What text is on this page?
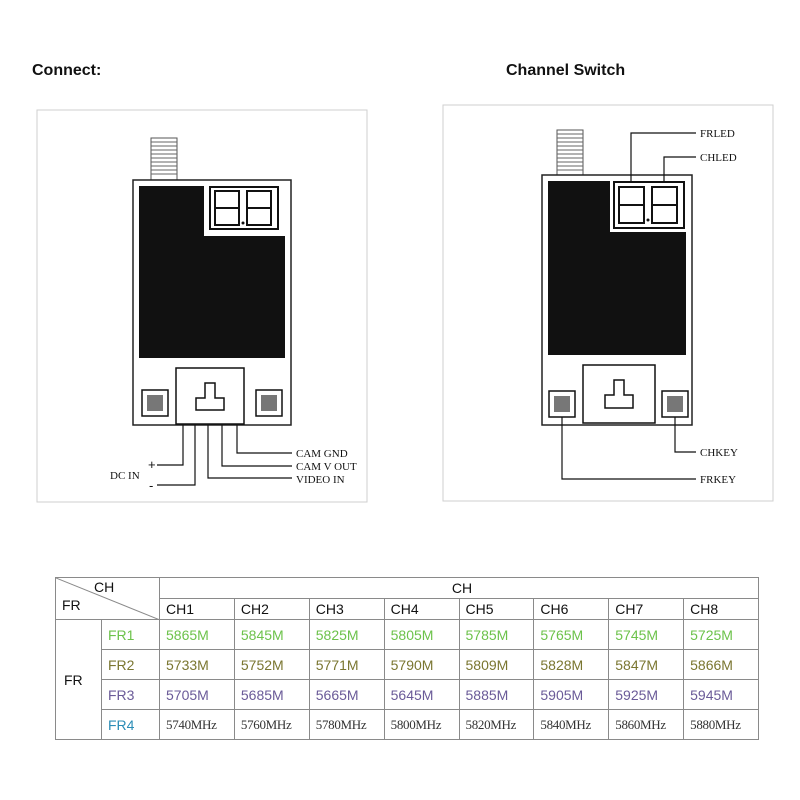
Connect:	Channel Switch
DC IN
+
-
CAM GND
CAM V OUT
VIDEO IN
FRLED
CHLED
CHKEY
FRKEY
CH
FR		CH							
		CH1	CH2	CH3	CH4	CH5	CH6	CH7	CH8
FR	FR1	5865M	5845M	5825M	5805M	5785M	5765M	5745M	5725M
	FR2	5733M	5752M	5771M	5790M	5809M	5828M	5847M	5866M
	FR3	5705M	5685M	5665M	5645M	5885M	5905M	5925M	5945M
	FR4	5740MHz	5760MHz	5780MHz	5800MHz	5820MHz	5840MHz	5860MHz	5880MHz
